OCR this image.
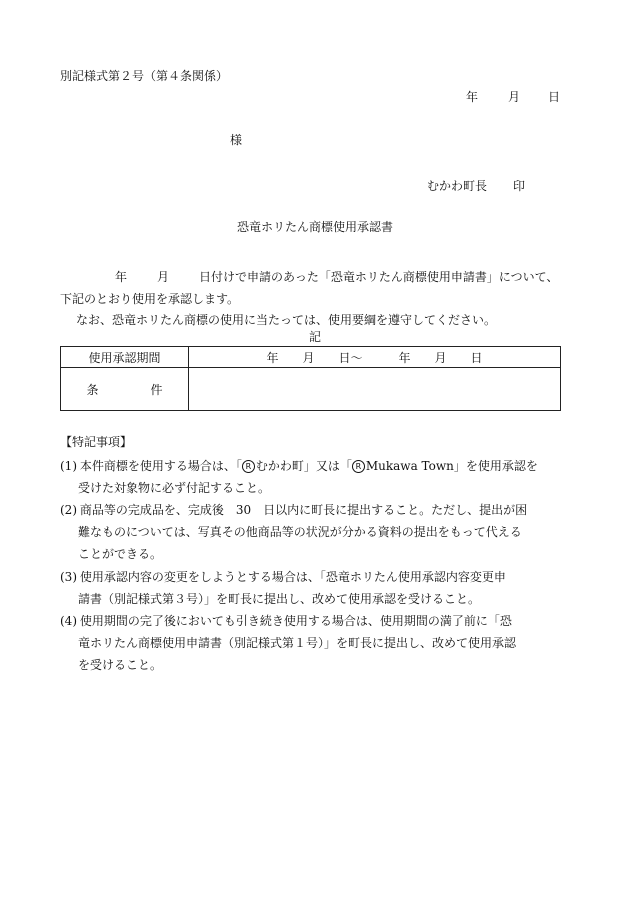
別記様式第２号（第４条関係）
年	月 日
様
むかわ町長 印
恐竜ホリたん商標使用承認書
年	月	日付けで申請のあった「恐竜ホリたん商標使用申請書」について、下記のとおり使用を承認します。
なお、恐竜ホリたん商標の使用に当たっては、使用要綱を遵守してください。
記
使用承認期間	年　　月　　日～　　　年　　月　　日
条 件	
【特記事項】
(1) 本件商標を使用する場合は、「 R むかわ町」又は「 R Mukawa Town」を使用承認を
受けた対象物に必ず付記すること。
(2) 商品等の完成品を、完成後　30　日以内に町長に提出すること。ただし、提出が困
難なものについては、写真その他商品等の状況が分かる資料の提出をもって代える
ことができる。
(3) 使用承認内容の変更をしようとする場合は、「恐竜ホリたん使用承認内容変更申
請書（別記様式第３号）」を町長に提出し、改めて使用承認を受けること。
(4) 使用期間の完了後においても引き続き使用する場合は、使用期間の満了前に「恐
竜ホリたん商標使用申請書（別記様式第１号）」を町長に提出し、改めて使用承認
を受けること。
